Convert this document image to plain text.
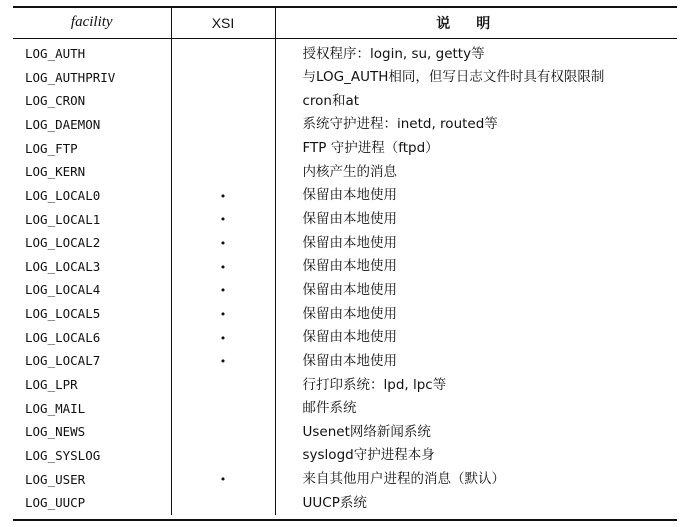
facility	XSI	说明
LOG_AUTH		授权程序：login, su, getty等
LOG_AUTHPRIV		与LOG_AUTH相同，但写日志文件时具有权限限制
LOG_CRON		cron和at
LOG_DAEMON		系统守护进程：inetd, routed等
LOG_FTP		FTP 守护进程（ftpd）
LOG_KERN		内核产生的消息
LOG_LOCAL0	•	保留由本地使用
LOG_LOCAL1	•	保留由本地使用
LOG_LOCAL2	•	保留由本地使用
LOG_LOCAL3	•	保留由本地使用
LOG_LOCAL4	•	保留由本地使用
LOG_LOCAL5	•	保留由本地使用
LOG_LOCAL6	•	保留由本地使用
LOG_LOCAL7	•	保留由本地使用
LOG_LPR		行打印系统：lpd, lpc等
LOG_MAIL		邮件系统
LOG_NEWS		Usenet网络新闻系统
LOG_SYSLOG		syslogd守护进程本身
LOG_USER	•	来自其他用户进程的消息（默认）
LOG_UUCP		UUCP系统
